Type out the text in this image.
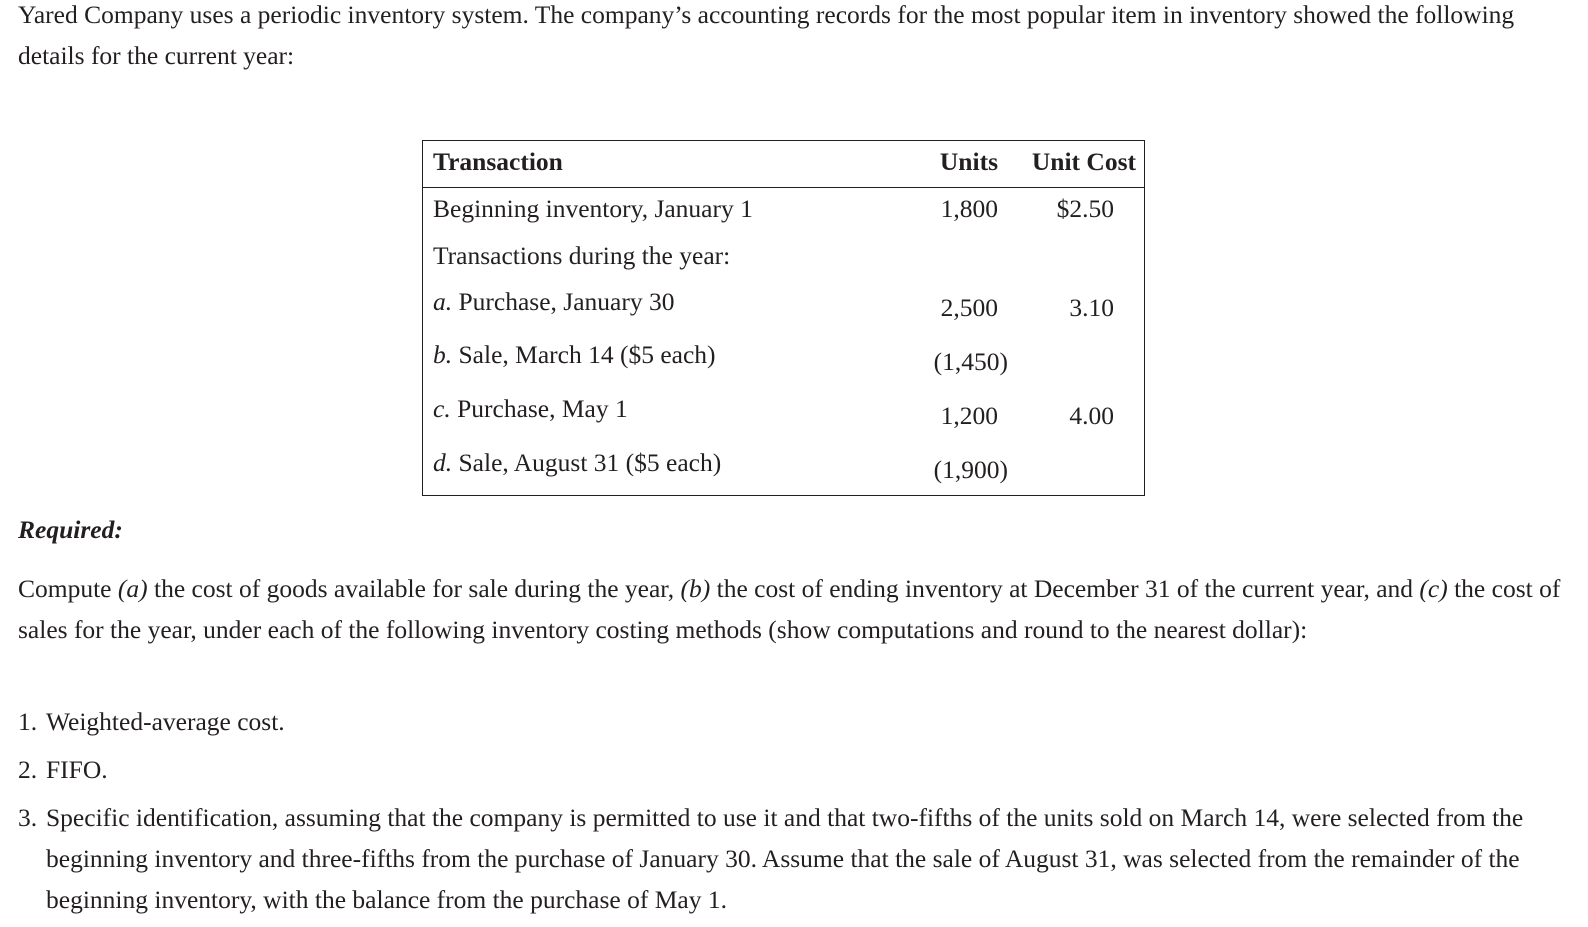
Yared Company uses a periodic inventory system. The company’s accounting records for the most popular item in inventory showed the following details for the current year:

Transaction	Units Unit Cost
Beginning inventory, January 1	1,800 $2.50
Transactions during the year:
a. Purchase, January 30	2,500	3.10
b. Sale, March 14 ($5 each)	(1,450)
c. Purchase, May 1	1,200	4.00
d. Sale, August 31 ($5 each)	(1,900)

Required:

Compute (a) the cost of goods available for sale during the year, (b) the cost of ending inventory at December 31 of the current year, and (c) the cost of sales for the year, under each of the following inventory costing methods (show computations and round to the nearest dollar):

1. Weighted-average cost.
2. FIFO.
3. Specific identification, assuming that the company is permitted to use it and that two-fifths of the units sold on March 14, were selected from the beginning inventory and three-fifths from the purchase of January 30. Assume that the sale of August 31, was selected from the remainder of the beginning inventory, with the balance from the purchase of May 1.
